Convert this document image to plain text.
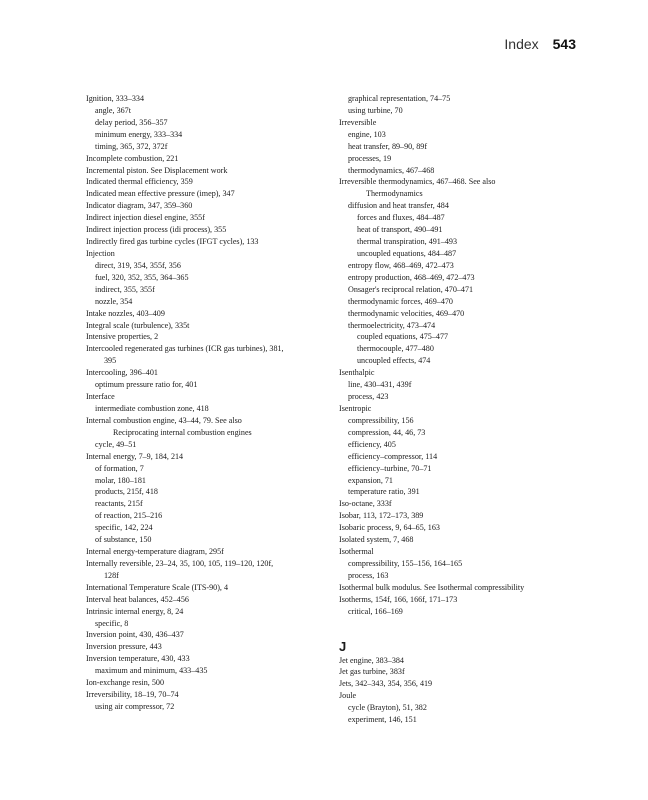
Index 543
Ignition, 333–334
angle, 367t
delay period, 356–357
minimum energy, 333–334
timing, 365, 372, 372f
Incomplete combustion, 221
Incremental piston. See Displacement work
Indicated thermal efficiency, 359
Indicated mean effective pressure (imep), 347
Indicator diagram, 347, 359–360
Indirect injection diesel engine, 355f
Indirect injection process (idi process), 355
Indirectly fired gas turbine cycles (IFGT cycles), 133
Injection
direct, 319, 354, 355f, 356
fuel, 320, 352, 355, 364–365
indirect, 355, 355f
nozzle, 354
Intake nozzles, 403–409
Integral scale (turbulence), 335t
Intensive properties, 2
Intercooled regenerated gas turbines (ICR gas turbines), 381,
395
Intercooling, 396–401
optimum pressure ratio for, 401
Interface
intermediate combustion zone, 418
Internal combustion engine, 43–44, 79. See also
Reciprocating internal combustion engines
cycle, 49–51
Internal energy, 7–9, 184, 214
of formation, 7
molar, 180–181
products, 215f, 418
reactants, 215f
of reaction, 215–216
specific, 142, 224
of substance, 150
Internal energy-temperature diagram, 295f
Internally reversible, 23–24, 35, 100, 105, 119–120, 120f,
128f
International Temperature Scale (ITS-90), 4
Interval heat balances, 452–456
Intrinsic internal energy, 8, 24
specific, 8
Inversion point, 430, 436–437
Inversion pressure, 443
Inversion temperature, 430, 433
maximum and minimum, 433–435
Ion-exchange resin, 500
Irreversibility, 18–19, 70–74
using air compressor, 72
graphical representation, 74–75
using turbine, 70
Irreversible
engine, 103
heat transfer, 89–90, 89f
processes, 19
thermodynamics, 467–468
Irreversible thermodynamics, 467–468. See also
Thermodynamics
diffusion and heat transfer, 484
forces and fluxes, 484–487
heat of transport, 490–491
thermal transpiration, 491–493
uncoupled equations, 484–487
entropy flow, 468–469, 472–473
entropy production, 468–469, 472–473
Onsager's reciprocal relation, 470–471
thermodynamic forces, 469–470
thermodynamic velocities, 469–470
thermoelectricity, 473–474
coupled equations, 475–477
thermocouple, 477–480
uncoupled effects, 474
Isenthalpic
line, 430–431, 439f
process, 423
Isentropic
compressibility, 156
compression, 44, 46, 73
efficiency, 405
efficiency–compressor, 114
efficiency–turbine, 70–71
expansion, 71
temperature ratio, 391
Iso-octane, 333f
Isobar, 113, 172–173, 389
Isobaric process, 9, 64–65, 163
Isolated system, 7, 468
Isothermal
compressibility, 155–156, 164–165
process, 163
Isothermal bulk modulus. See Isothermal compressibility
Isotherms, 154f, 166, 166f, 171–173
critical, 166–169
J
Jet engine, 383–384
Jet gas turbine, 383f
Jets, 342–343, 354, 356, 419
Joule
cycle (Brayton), 51, 382
experiment, 146, 151
